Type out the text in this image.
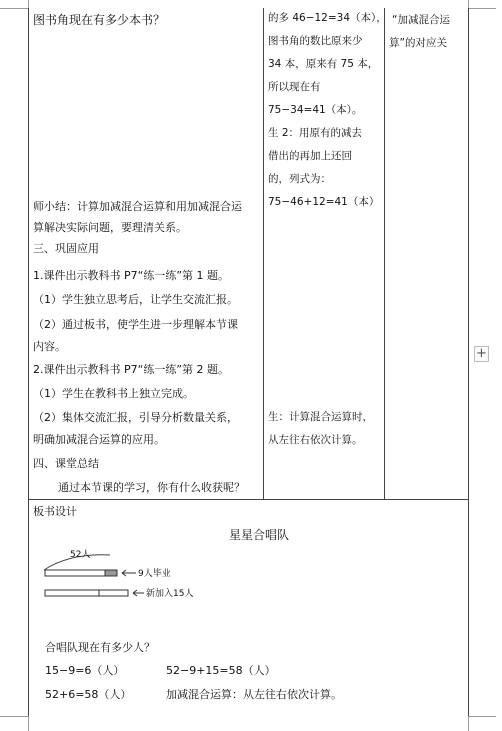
图书角现在有多少本书？
师小结：计算加减混合运算和用加减混合运
算解决实际问题，要理清关系。
三、巩固应用
1.课件出示教科书 P7“练一练”第 1 题。
（1）学生独立思考后，让学生交流汇报。
（2）通过板书，使学生进一步理解本节课
内容。
2.课件出示教科书 P7“练一练”第 2 题。
（1）学生在教科书上独立完成。
（2）集体交流汇报，引导分析数量关系，
明确加减混合运算的应用。
四、课堂总结
通过本节课的学习，你有什么收获呢？
的多 46−12=34（本），
图书角的数比原来少
34 本，原来有 75 本，
所以现在有
75−34=41（本）。
生 2：用原有的减去
借出的再加上还回
的，列式为：
75−46+12=41（本）
生：计算混合运算时，
从左往右依次计算。
“加减混合运
算”的对应关
板书设计
星星合唱队
52人
9人毕业
新加入15人
合唱队现在有多少人？
15−9=6（人）	52−9+15=58（人）
52+6=58（人）	加减混合运算：从左往右依次计算。
+
